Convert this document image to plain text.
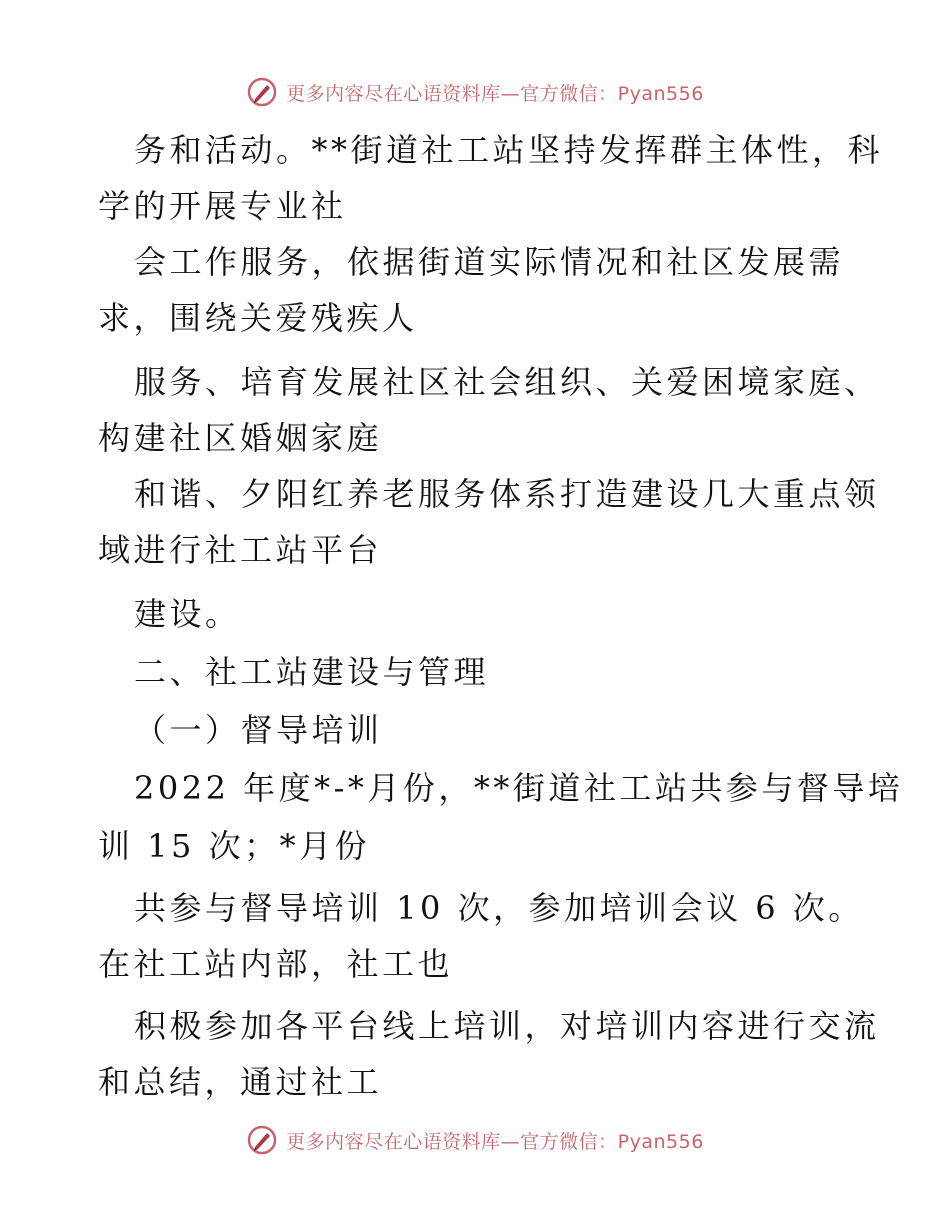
更多内容尽在心语资料库—官方微信：Pyan556
务和活动。**街道社工站坚持发挥群主体性，科
学的开展专业社
会工作服务，依据街道实际情况和社区发展需
求，围绕关爱残疾人
服务、培育发展社区社会组织、关爱困境家庭、
构建社区婚姻家庭
和谐、夕阳红养老服务体系打造建设几大重点领
域进行社工站平台
建设。
二、社工站建设与管理
（一）督导培训
2022 年度*-*月份，**街道社工站共参与督导培
训 15 次；*月份
共参与督导培训 10 次，参加培训会议 6 次。
在社工站内部，社工也
积极参加各平台线上培训，对培训内容进行交流
和总结，通过社工
更多内容尽在心语资料库—官方微信：Pyan556
